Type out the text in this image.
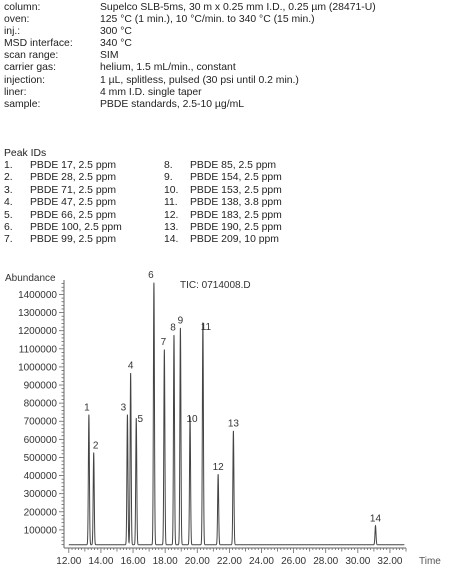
column:	Supelco SLB-5ms, 30 m x 0.25 mm I.D., 0.25 µm (28471-U)
oven:	125 °C (1 min.), 10 °C/min. to 340 °C (15 min.)
inj.:	300 °C
MSD interface:	340 °C
scan range:	SIM
carrier gas:	helium, 1.5 mL/min., constant
injection:	1 µL, splitless, pulsed (30 psi until 0.2 min.)
liner:	4 mm I.D. single taper
sample:	PBDE standards, 2.5-10 µg/mL
Peak IDs
1. PBDE 17, 2.5 ppm
2. PBDE 28, 2.5 ppm
3. PBDE 71, 2.5 ppm
4. PBDE 47, 2.5 ppm
5. PBDE 66, 2.5 ppm
6. PBDE 100, 2.5 ppm
7. PBDE 99, 2.5 ppm
8. PBDE 85, 2.5 ppm
9. PBDE 154, 2.5 ppm
10. PBDE 153, 2.5 ppm
11. PBDE 138, 3.8 ppm
12. PBDE 183, 2.5 ppm
13. PBDE 190, 2.5 ppm
14. PBDE 209, 10 ppm
100000
200000
300000
400000
500000
600000
700000
800000
900000
1000000
1100000
1200000
1300000
1400000
12.00 14.00 16.00 18.00 20.00 22.00 24.00 26.00 28.00 30.00 32.00
1
2
3
4
5
6
7
8
9
10
11
12
13
14
Abundance
TIC: 0714008.D
Time
